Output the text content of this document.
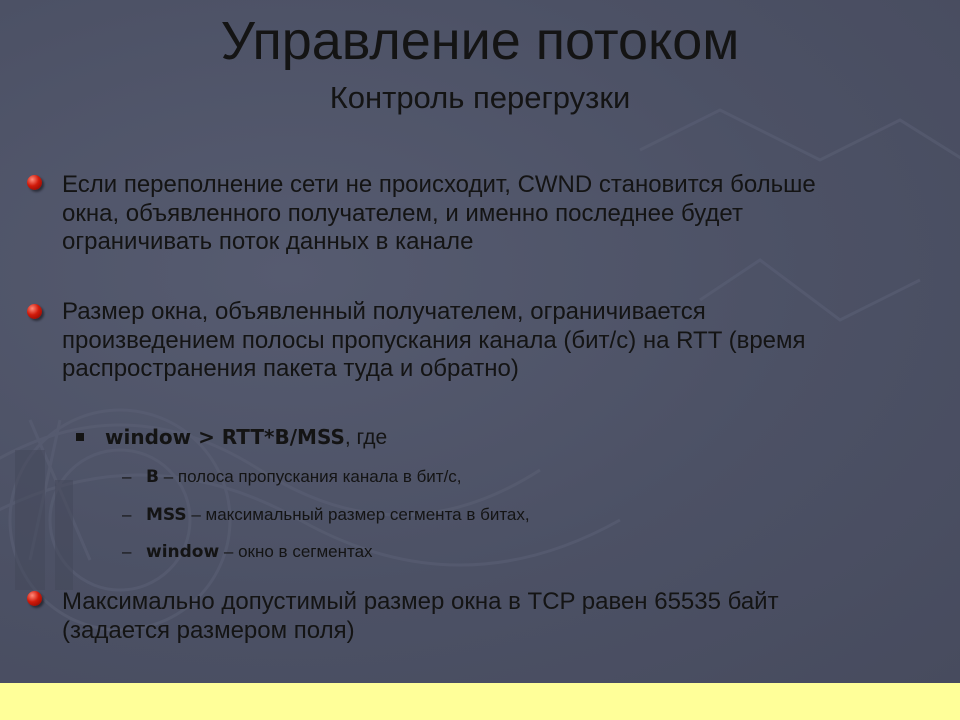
Управление потоком
Контроль перегрузки
Если переполнение сети не происходит, CWND становится больше
окна, объявленного получателем, и именно последнее будет
ограничивать поток данных в канале
Размер окна, объявленный получателем, ограничивается
произведением полосы пропускания канала (бит/с) на RTT (время
распространения пакета туда и обратно)
window > RTT*B/MSS, где
– B – полоса пропускания канала в бит/с,
– MSS – максимальный размер сегмента в битах,
– window – окно в сегментах
Максимально допустимый размер окна в TCP равен 65535 байт
(задается размером поля)
